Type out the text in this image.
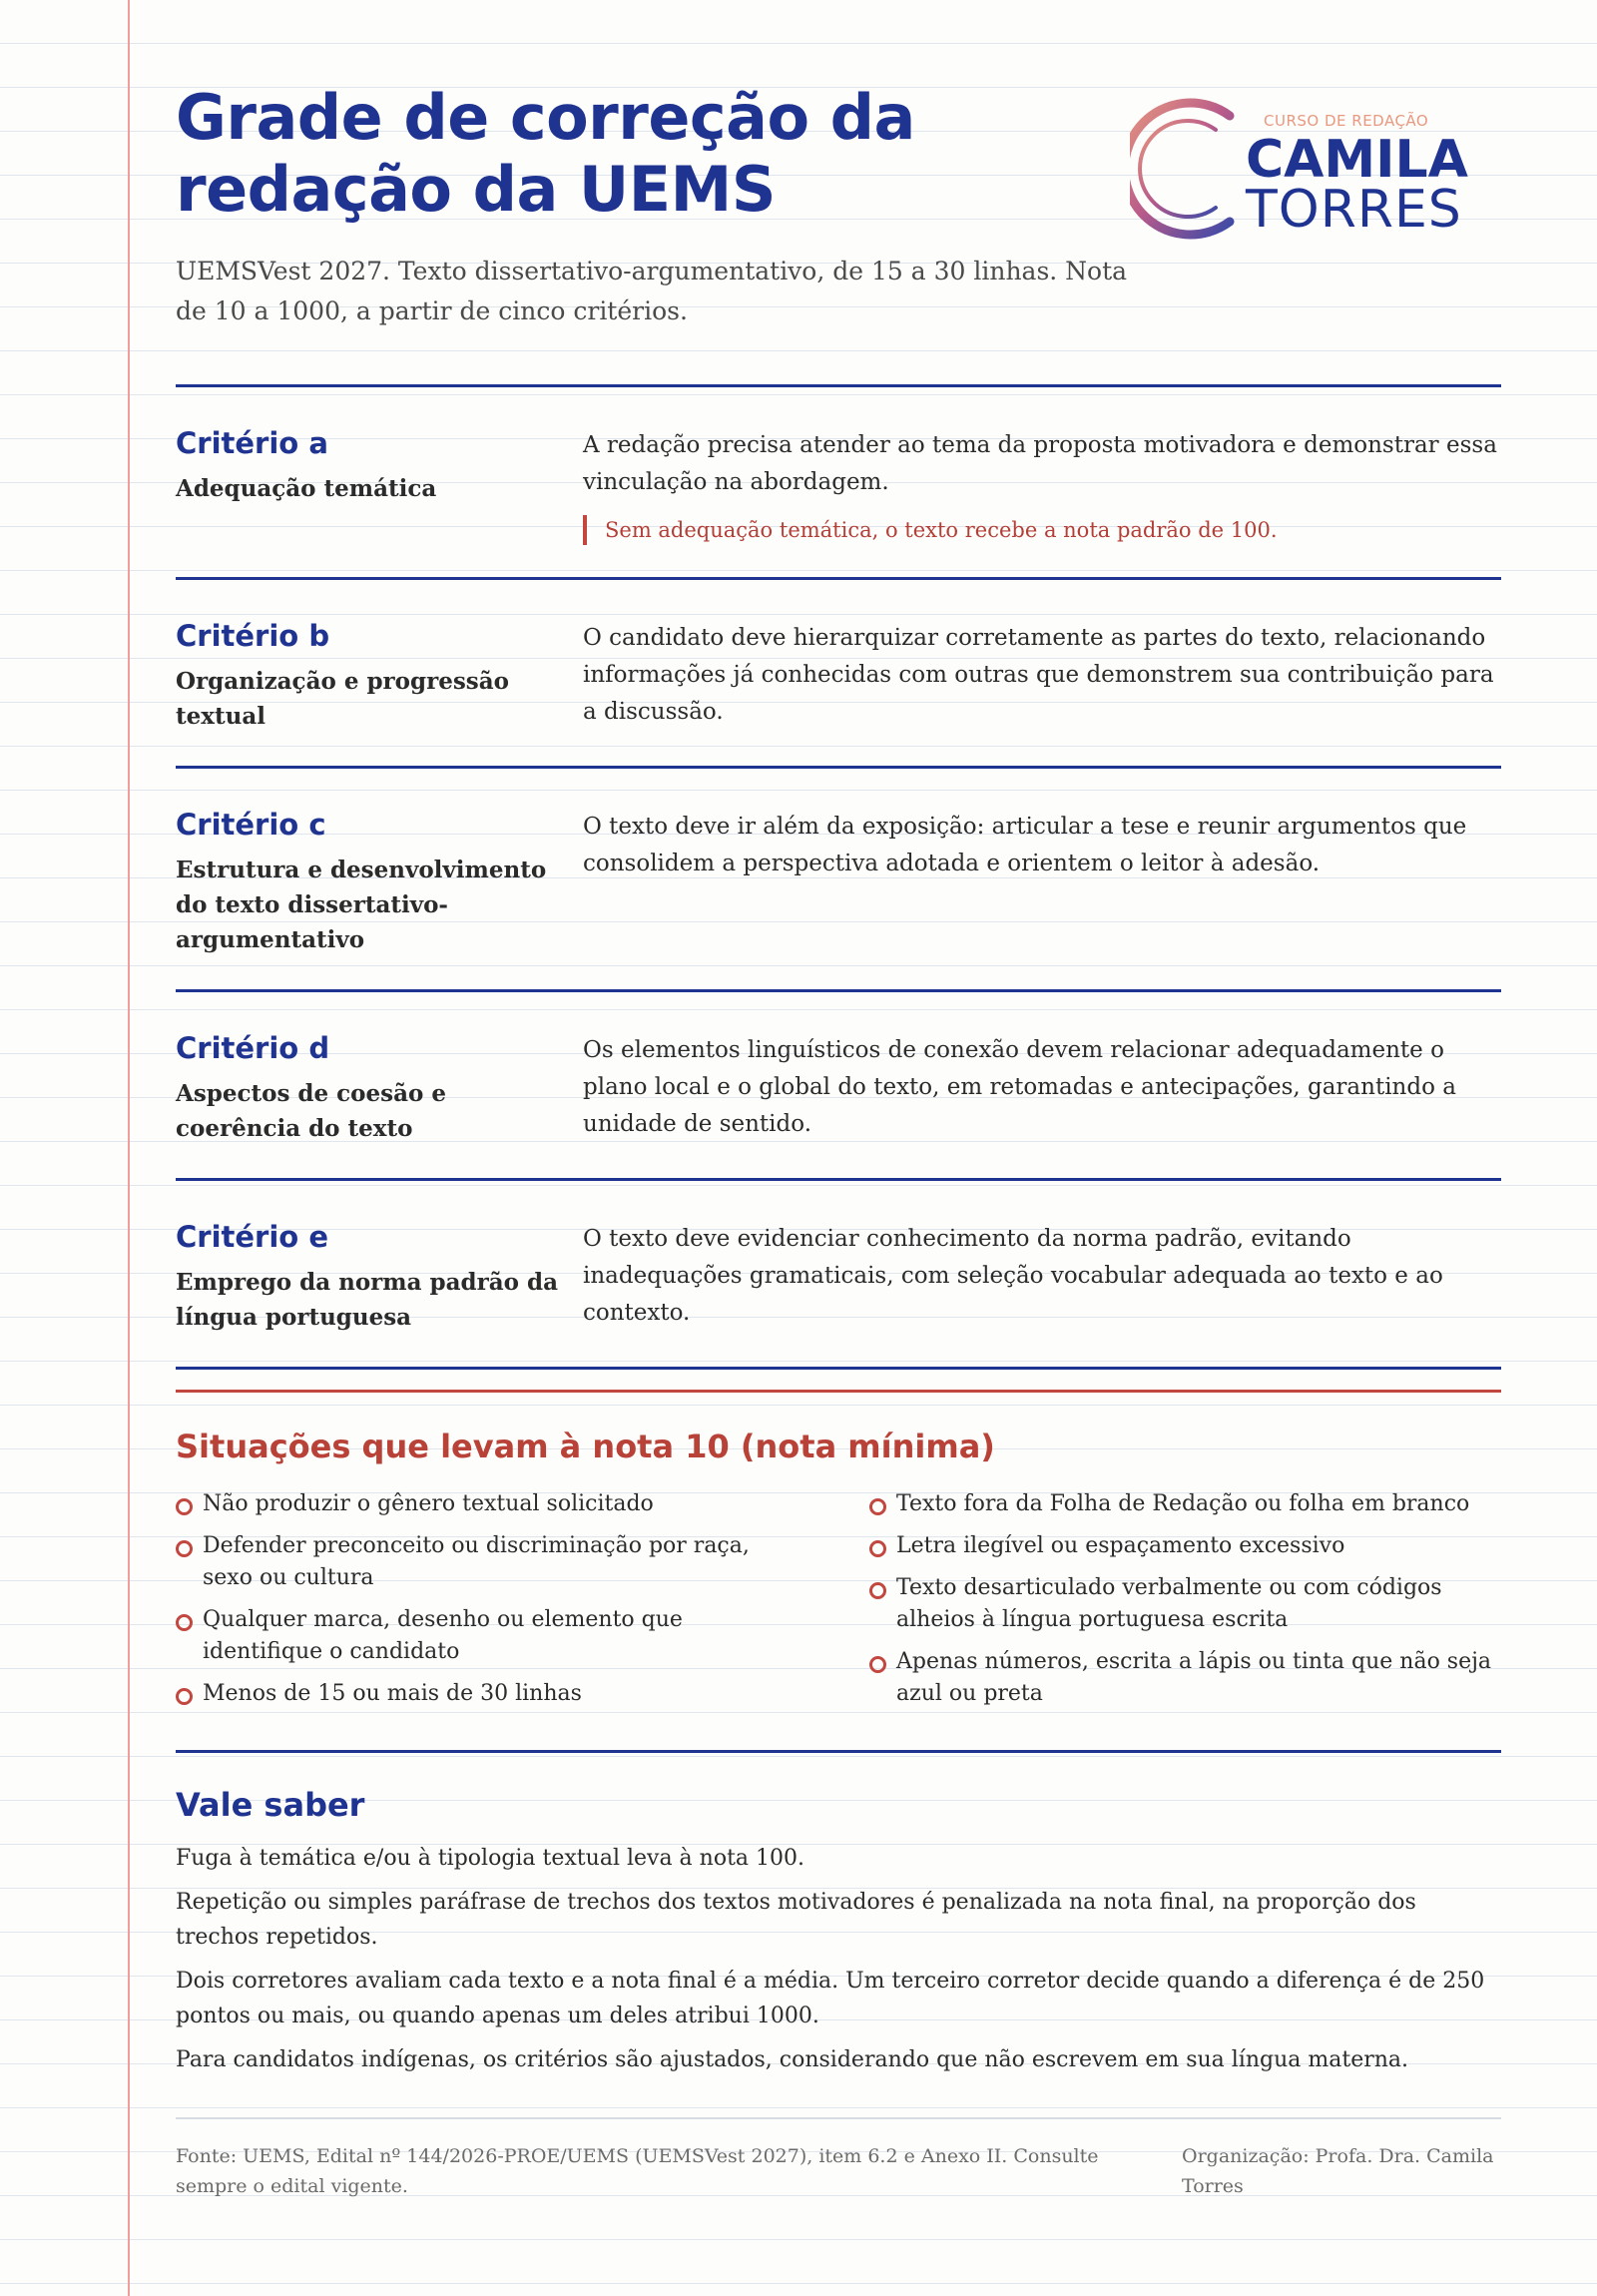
Grade de correção da redação da UEMS

UEMSVest 2027. Texto dissertativo-argumentativo, de 15 a 30 linhas. Nota de 10 a 1000, a partir de cinco critérios.

CURSO DE REDAÇÃO
CAMILA
TORRES
Critério a
Adequação temática
A redação precisa atender ao tema da proposta motivadora e demonstrar essa vinculação na abordagem.
Sem adequação temática, o texto recebe a nota padrão de 100.
Critério b
Organização e progressão textual
O candidato deve hierarquizar corretamente as partes do texto, relacionando informações já conhecidas com outras que demonstrem sua contribuição para a discussão.
Critério c
Estrutura e desenvolvimento do texto dissertativo-argumentativo
O texto deve ir além da exposição: articular a tese e reunir argumentos que consolidem a perspectiva adotada e orientem o leitor à adesão.
Critério d
Aspectos de coesão e coerência do texto
Os elementos linguísticos de conexão devem relacionar adequadamente o plano local e o global do texto, em retomadas e antecipações, garantindo a unidade de sentido.
Critério e
Emprego da norma padrão da língua portuguesa
O texto deve evidenciar conhecimento da norma padrão, evitando inadequações gramaticais, com seleção vocabular adequada ao texto e ao contexto.
Situações que levam à nota 10 (nota mínima)
Não produzir o gênero textual solicitado
Defender preconceito ou discriminação por raça, sexo ou cultura
Qualquer marca, desenho ou elemento que identifique o candidato
Menos de 15 ou mais de 30 linhas
Texto fora da Folha de Redação ou folha em branco
Letra ilegível ou espaçamento excessivo
Texto desarticulado verbalmente ou com códigos alheios à língua portuguesa escrita
Apenas números, escrita a lápis ou tinta que não seja azul ou preta
Vale saber

Fuga à temática e/ou à tipologia textual leva à nota 100.

Repetição ou simples paráfrase de trechos dos textos motivadores é penalizada na nota final, na proporção dos trechos repetidos.

Dois corretores avaliam cada texto e a nota final é a média. Um terceiro corretor decide quando a diferença é de 250 pontos ou mais, ou quando apenas um deles atribui 1000.

Para candidatos indígenas, os critérios são ajustados, considerando que não escrevem em sua língua materna.

Fonte: UEMS, Edital nº 144/2026-PROE/UEMS (UEMSVest 2027), item 6.2 e Anexo II. Consulte sempre o edital vigente.
Organização: Profa. Dra. Camila Torres
